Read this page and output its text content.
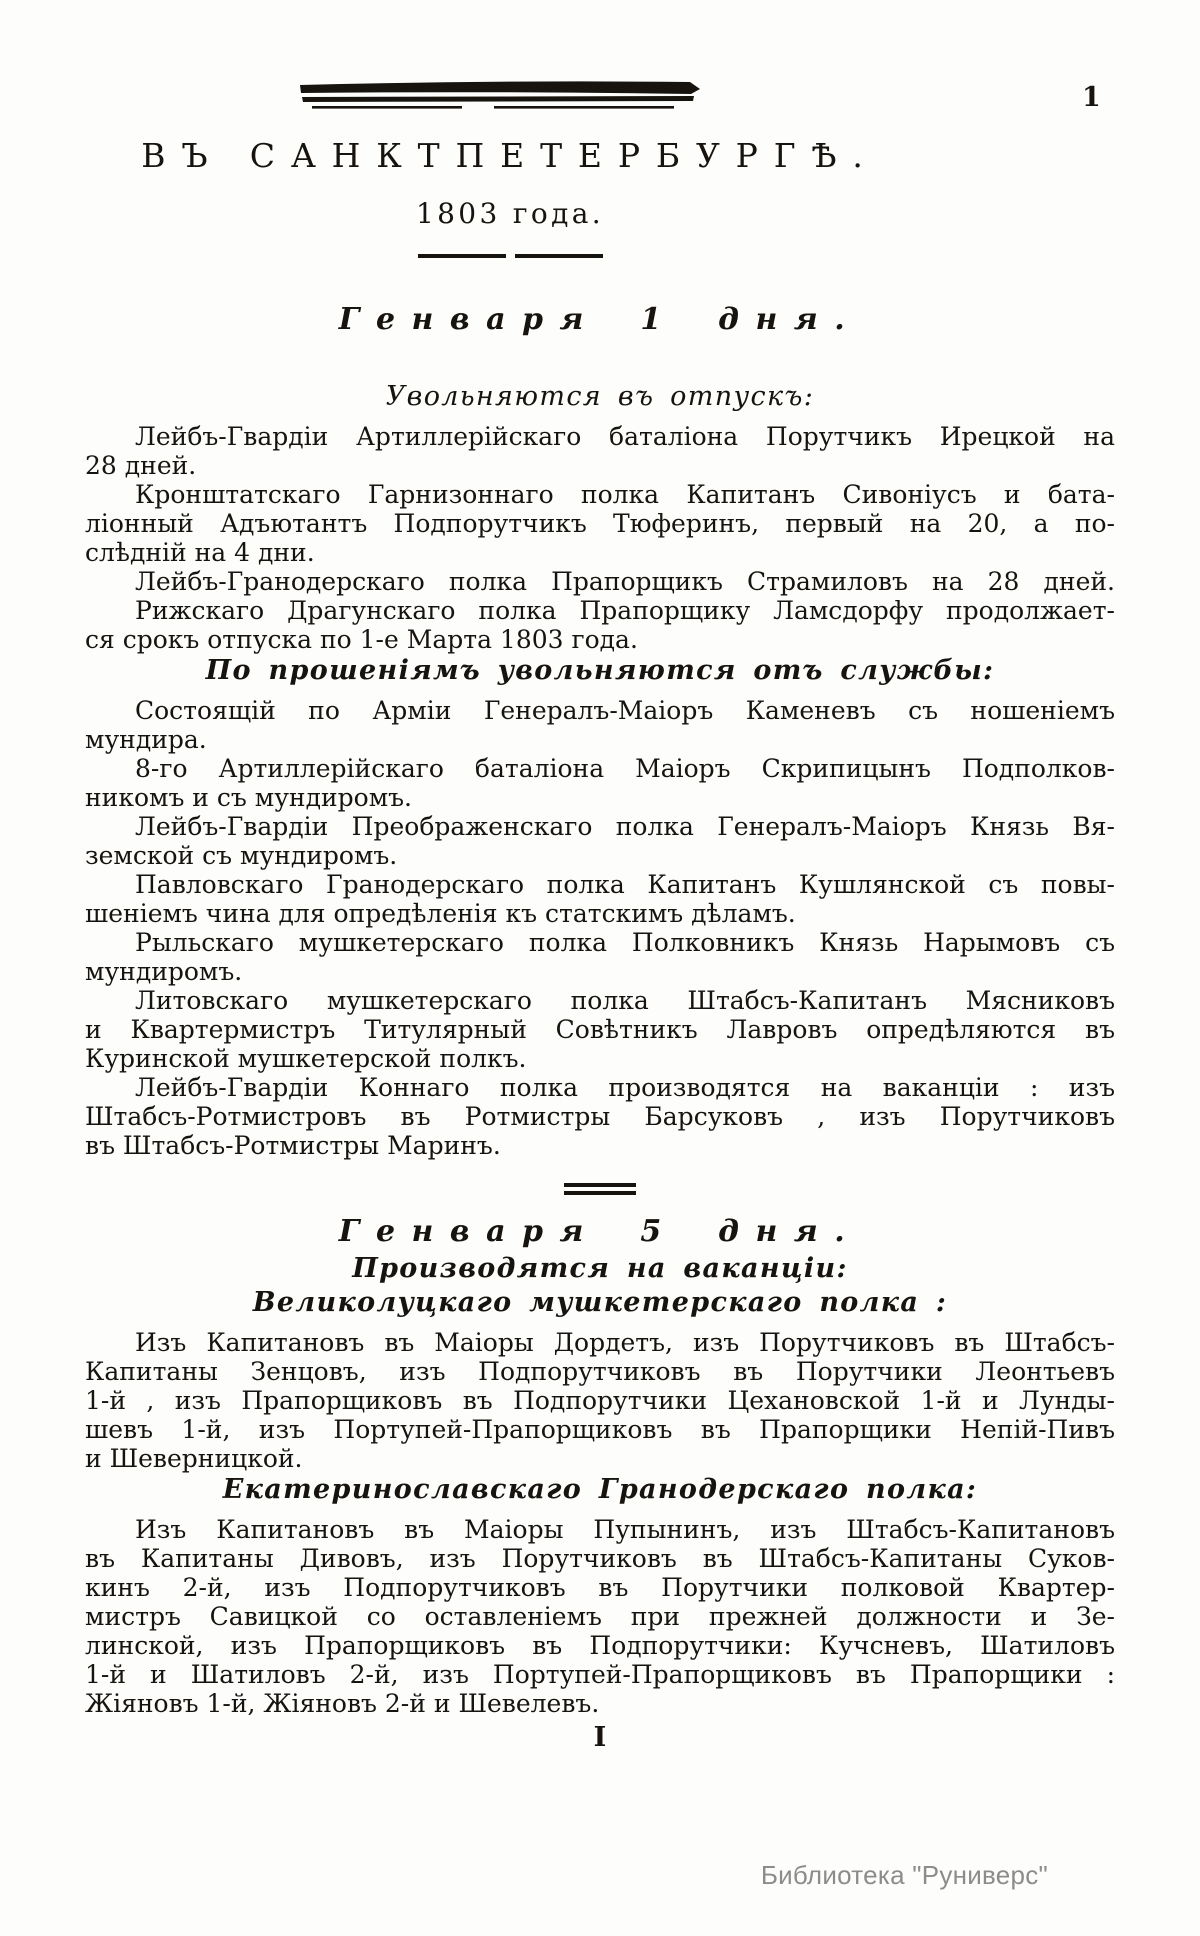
1
ВЪ САНКТПЕТЕРБУРГѢ.
1803 года.
Генваря 1 дня.
Увольняются въ отпускъ:
Лейбъ-Гвардіи Артиллерійскаго баталіона Порутчикъ Ирецкой на
28 дней.
Кронштатскаго Гарнизоннаго полка Капитанъ Сивоніусъ и бата-
ліонный Адъютантъ Подпорутчикъ Тюферинъ, первый на 20, а по-
слѣдній на 4 дни.
Лейбъ-Гранодерскаго полка Прапорщикъ Страмиловъ на 28 дней.
Рижскаго Драгунскаго полка Прапорщику Ламсдорфу продолжает-
ся срокъ отпуска по 1-е Марта 1803 года.
По прошеніямъ увольняются отъ службы:
Состоящій по Арміи Генералъ-Маіоръ Каменевъ съ ношеніемъ
мундира.
8-го Артиллерійскаго баталіона Маіоръ Скрипицынъ Подполков-
никомъ и съ мундиромъ.
Лейбъ-Гвардіи Преображенскаго полка Генералъ-Маіоръ Князь Вя-
земской съ мундиромъ.
Павловскаго Гранодерскаго полка Капитанъ Кушлянской съ повы-
шеніемъ чина для опредѣленія къ статскимъ дѣламъ.
Рыльскаго мушкетерскаго полка Полковникъ Князь Нарымовъ съ
мундиромъ.
Литовскаго мушкетерскаго полка Штабсъ-Капитанъ Мясниковъ
и Квартермистръ Титулярный Совѣтникъ Лавровъ опредѣляются въ
Куринской мушкетерской полкъ.
Лейбъ-Гвардіи Коннаго полка производятся на ваканціи : изъ
Штабсъ-Ротмистровъ въ Ротмистры Барсуковъ , изъ Порутчиковъ
въ Штабсъ-Ротмистры Маринъ.
Генваря 5 дня.
Производятся на ваканціи:
Великолуцкаго мушкетерскаго полка :
Изъ Капитановъ въ Маіоры Дордетъ, изъ Порутчиковъ въ Штабсъ-
Капитаны Зенцовъ, изъ Подпорутчиковъ въ Порутчики Леонтьевъ
1-й , изъ Прапорщиковъ въ Подпорутчики Цехановской 1-й и Лунды-
шевъ 1-й, изъ Портупей-Прапорщиковъ въ Прапорщики Непій-Пивъ
и Шеверницкой.
Екатеринославскаго Гранодерскаго полка:
Изъ Капитановъ въ Маіоры Пупынинъ, изъ Штабсъ-Капитановъ
въ Капитаны Дивовъ, изъ Порутчиковъ въ Штабсъ-Капитаны Суков-
кинъ 2-й, изъ Подпорутчиковъ въ Порутчики полковой Квартер-
мистръ Савицкой со оставленіемъ при прежней должности и Зе-
линской, изъ Прапорщиковъ въ Подпорутчики: Кучсневъ, Шатиловъ
1-й и Шатиловъ 2-й, изъ Портупей-Прапорщиковъ въ Прапорщики :
Жіяновъ 1-й, Жіяновъ 2-й и Шевелевъ.
I
Библиотека "Руниверс"
